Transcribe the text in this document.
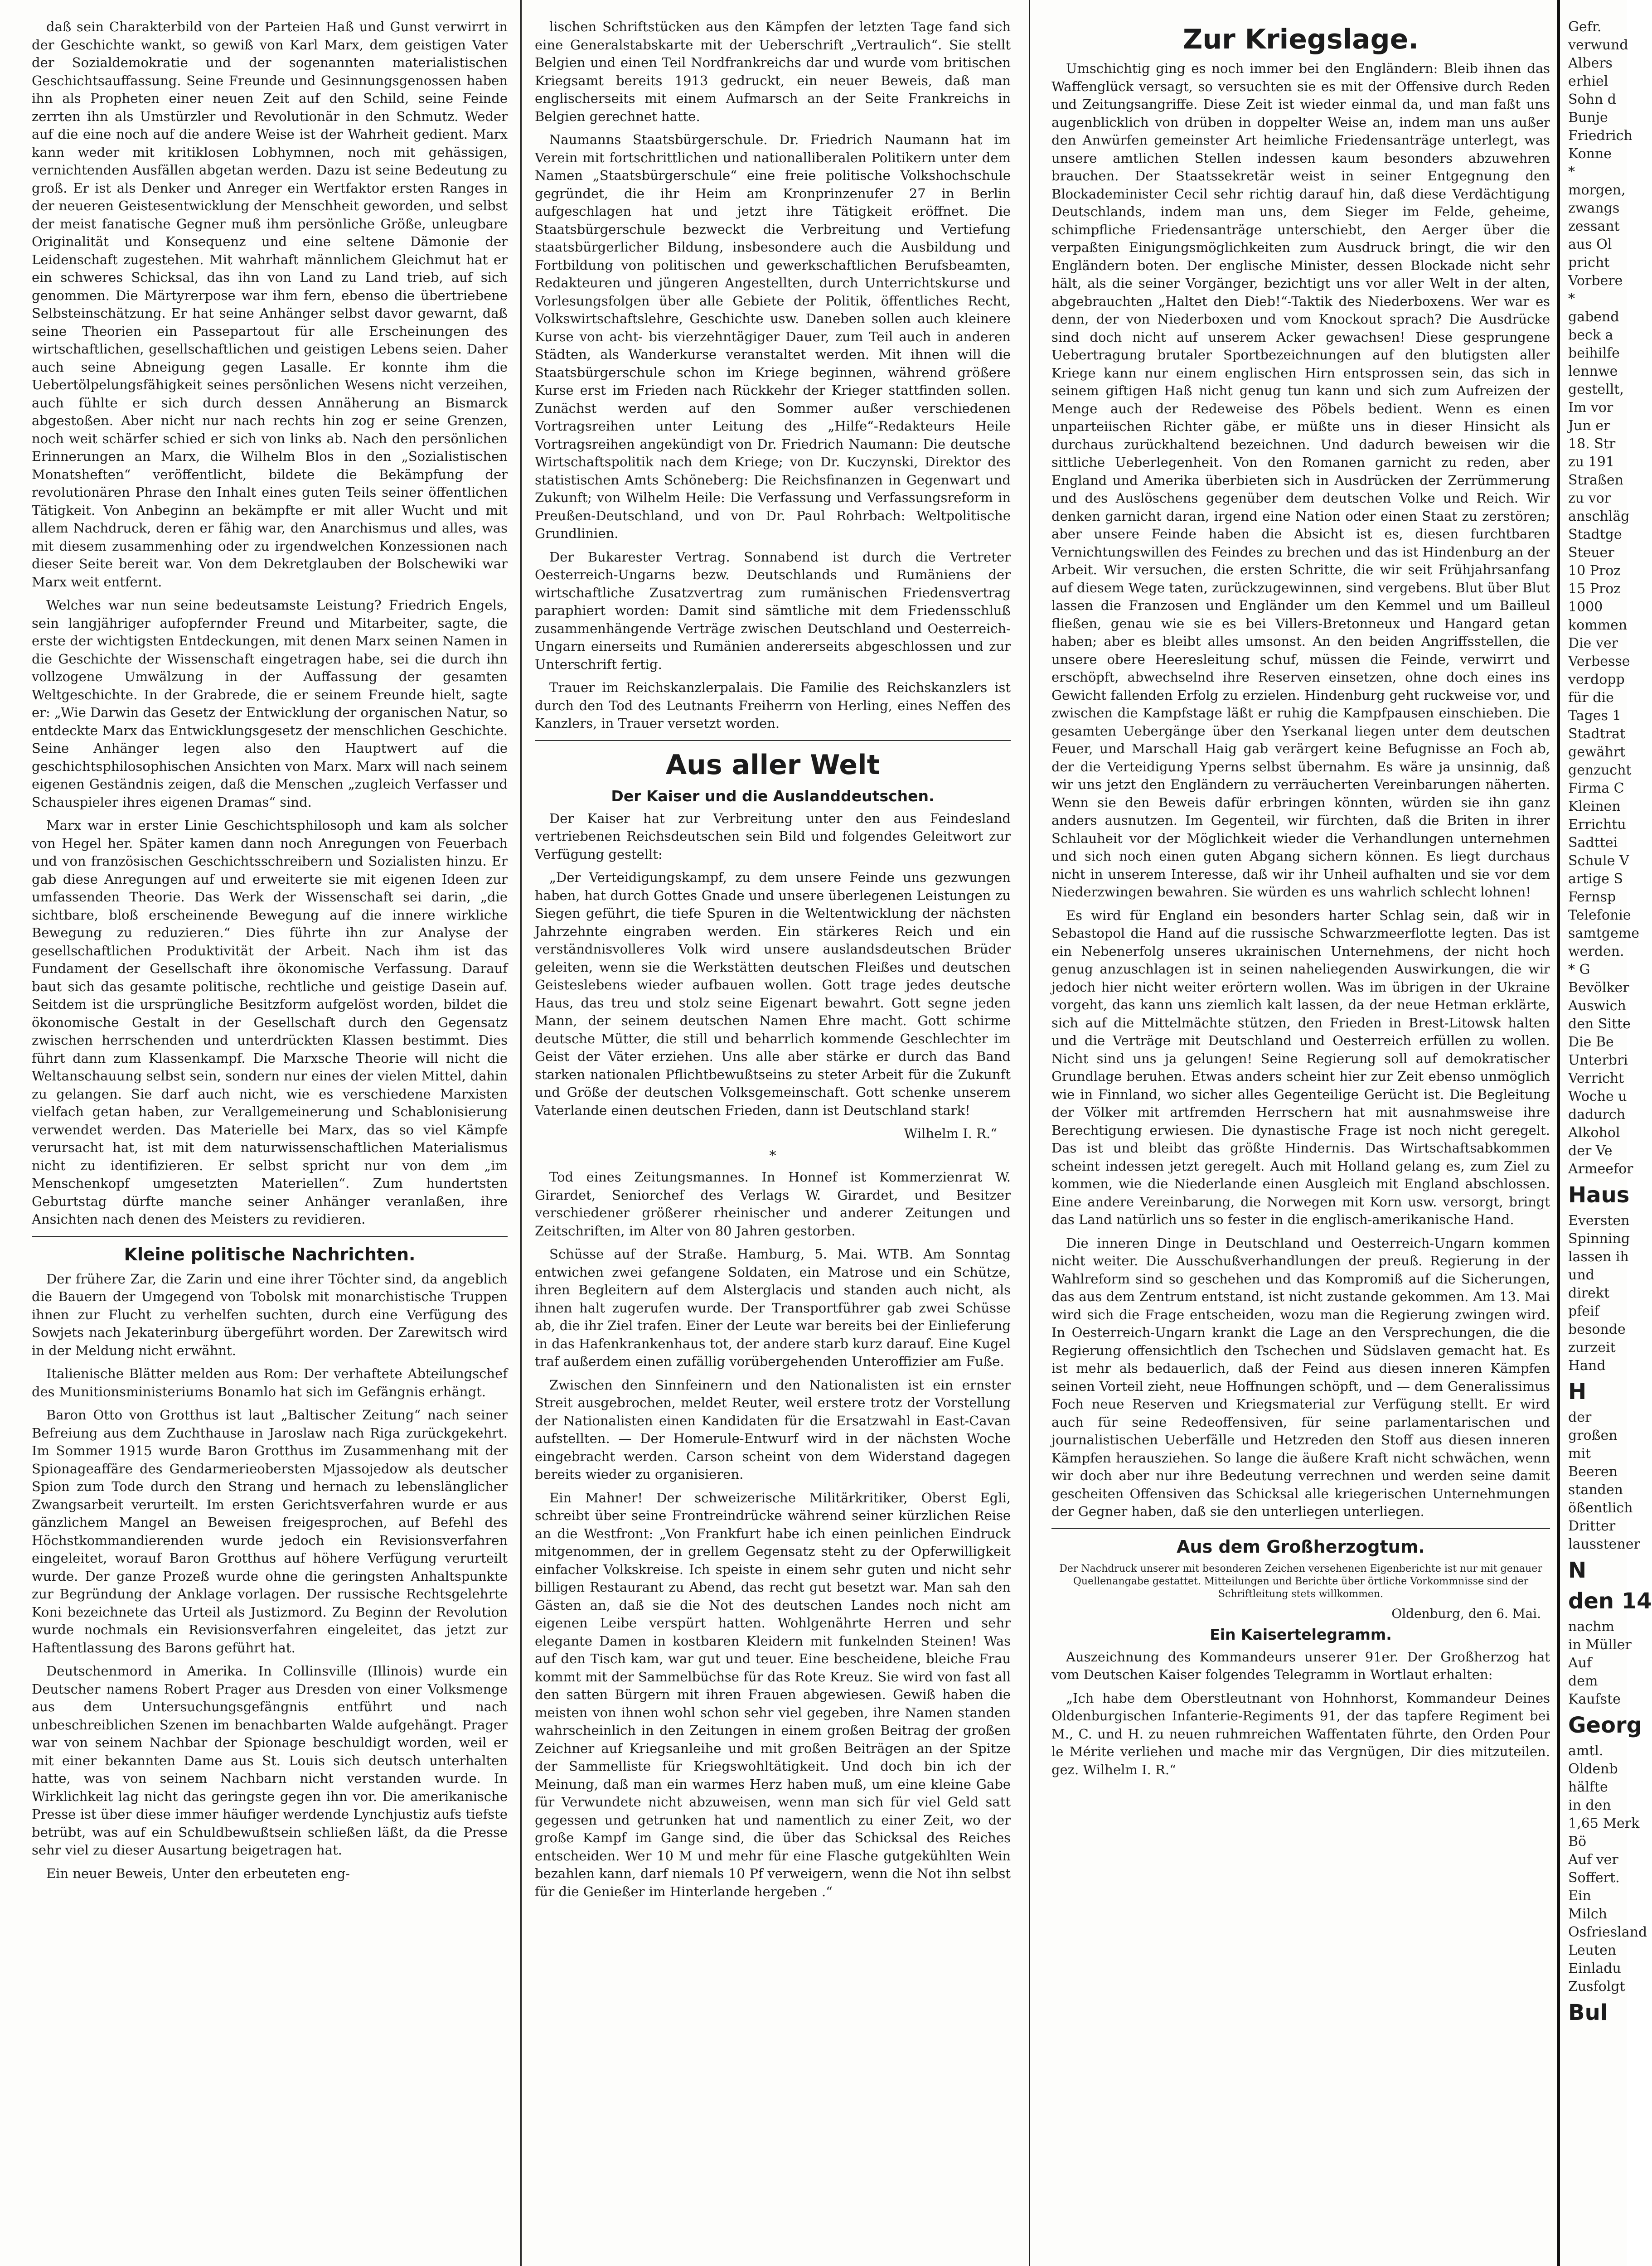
daß sein Charakterbild von der Parteien Haß und Gunst verwirrt in der Geschichte wankt, so gewiß von Karl Marx, dem geistigen Vater der Sozialdemokratie und der sogenannten materialistischen Geschichtsauffassung. Seine Freunde und Gesinnungsgenossen haben ihn als Propheten einer neuen Zeit auf den Schild, seine Feinde zerrten ihn als Umstürzler und Revolutionär in den Schmutz. Weder auf die eine noch auf die andere Weise ist der Wahrheit gedient. Marx kann weder mit kritiklosen Lobhymnen, noch mit gehässigen, vernichtenden Ausfällen abgetan werden. Dazu ist seine Bedeutung zu groß. Er ist als Denker und Anreger ein Wertfaktor ersten Ranges in der neueren Geistesentwicklung der Menschheit geworden, und selbst der meist fanatische Gegner muß ihm persönliche Größe, unleugbare Originalität und Konsequenz und eine seltene Dämonie der Leidenschaft zugestehen. Mit wahrhaft männlichem Gleichmut hat er ein schweres Schicksal, das ihn von Land zu Land trieb, auf sich genommen. Die Märtyrerpose war ihm fern, ebenso die übertriebene Selbsteinschätzung. Er hat seine Anhänger selbst davor gewarnt, daß seine Theorien ein Passepartout für alle Erscheinungen des wirtschaftlichen, gesellschaftlichen und geistigen Lebens seien. Daher auch seine Abneigung gegen Lasalle. Er konnte ihm die Uebertölpelungsfähigkeit seines persönlichen Wesens nicht verzeihen, auch fühlte er sich durch dessen Annäherung an Bismarck abgestoßen. Aber nicht nur nach rechts hin zog er seine Grenzen, noch weit schärfer schied er sich von links ab. Nach den persönlichen Erinnerungen an Marx, die Wilhelm Blos in den „Sozialistischen Monatsheften“ veröffentlicht, bildete die Bekämpfung der revolutionären Phrase den Inhalt eines guten Teils seiner öffentlichen Tätigkeit. Von Anbeginn an bekämpfte er mit aller Wucht und mit allem Nachdruck, deren er fähig war, den Anarchismus und alles, was mit diesem zusammenhing oder zu irgendwelchen Konzessionen nach dieser Seite bereit war. Von dem Dekretglauben der Bolschewiki war Marx weit entfernt.

Welches war nun seine bedeutsamste Leistung? Friedrich Engels, sein langjähriger aufopfernder Freund und Mitarbeiter, sagte, die erste der wichtigsten Entdeckungen, mit denen Marx seinen Namen in die Geschichte der Wissenschaft eingetragen habe, sei die durch ihn vollzogene Umwälzung in der Auffassung der gesamten Weltgeschichte. In der Grabrede, die er seinem Freunde hielt, sagte er: „Wie Darwin das Gesetz der Entwicklung der organischen Natur, so entdeckte Marx das Entwicklungsgesetz der menschlichen Geschichte. Seine Anhänger legen also den Hauptwert auf die geschichtsphilosophischen Ansichten von Marx. Marx will nach seinem eigenen Geständnis zeigen, daß die Menschen „zugleich Verfasser und Schauspieler ihres eigenen Dramas“ sind.

Marx war in erster Linie Geschichtsphilosoph und kam als solcher von Hegel her. Später kamen dann noch Anregungen von Feuerbach und von französischen Geschichtsschreibern und Sozialisten hinzu. Er gab diese Anregungen auf und erweiterte sie mit eigenen Ideen zur umfassenden Theorie. Das Werk der Wissenschaft sei darin, „die sichtbare, bloß erscheinende Bewegung auf die innere wirkliche Bewegung zu reduzieren.“ Dies führte ihn zur Analyse der gesellschaftlichen Produktivität der Arbeit. Nach ihm ist das Fundament der Gesellschaft ihre ökonomische Verfassung. Darauf baut sich das gesamte politische, rechtliche und geistige Dasein auf. Seitdem ist die ursprüngliche Besitzform aufgelöst worden, bildet die ökonomische Gestalt in der Gesellschaft durch den Gegensatz zwischen herrschenden und unterdrückten Klassen bestimmt. Dies führt dann zum Klassenkampf. Die Marxsche Theorie will nicht die Weltanschauung selbst sein, sondern nur eines der vielen Mittel, dahin zu gelangen. Sie darf auch nicht, wie es verschiedene Marxisten vielfach getan haben, zur Verallgemeinerung und Schablonisierung verwendet werden. Das Materielle bei Marx, das so viel Kämpfe verursacht hat, ist mit dem naturwissenschaftlichen Materialismus nicht zu identifizieren. Er selbst spricht nur von dem „im Menschenkopf umgesetzten Materiellen“. Zum hundertsten Geburtstag dürfte manche seiner Anhänger veranlaßen, ihre Ansichten nach denen des Meisters zu revidieren.

Kleine politische Nachrichten.

Der frühere Zar, die Zarin und eine ihrer Töchter sind, da angeblich die Bauern der Umgegend von Tobolsk mit monarchistische Truppen ihnen zur Flucht zu verhelfen suchten, durch eine Verfügung des Sowjets nach Jekaterinburg übergeführt worden. Der Zarewitsch wird in der Meldung nicht erwähnt.

Italienische Blätter melden aus Rom: Der verhaftete Abteilungschef des Munitionsministeriums Bonamlo hat sich im Gefängnis erhängt.

Baron Otto von Grotthus ist laut „Baltischer Zeitung“ nach seiner Befreiung aus dem Zuchthause in Jaroslaw nach Riga zurückgekehrt. Im Sommer 1915 wurde Baron Grotthus im Zusammenhang mit der Spionageaffäre des Gendarmerieobersten Mjassojedow als deutscher Spion zum Tode durch den Strang und hernach zu lebenslänglicher Zwangsarbeit verurteilt. Im ersten Gerichtsverfahren wurde er aus gänzlichem Mangel an Beweisen freigesprochen, auf Befehl des Höchstkommandierenden wurde jedoch ein Revisionsverfahren eingeleitet, worauf Baron Grotthus auf höhere Verfügung verurteilt wurde. Der ganze Prozeß wurde ohne die geringsten Anhaltspunkte zur Begründung der Anklage vorlagen. Der russische Rechtsgelehrte Koni bezeichnete das Urteil als Justizmord. Zu Beginn der Revolution wurde nochmals ein Revisionsverfahren eingeleitet, das jetzt zur Haftentlassung des Barons geführt hat.

Deutschenmord in Amerika. In Collinsville (Illinois) wurde ein Deutscher namens Robert Prager aus Dresden von einer Volksmenge aus dem Untersuchungsgefängnis entführt und nach unbeschreiblichen Szenen im benachbarten Walde aufgehängt. Prager war von seinem Nachbar der Spionage beschuldigt worden, weil er mit einer bekannten Dame aus St. Louis sich deutsch unterhalten hatte, was von seinem Nachbarn nicht verstanden wurde. In Wirklichkeit lag nicht das geringste gegen ihn vor. Die amerikanische Presse ist über diese immer häufiger werdende Lynchjustiz aufs tiefste betrübt, was auf ein Schuldbewußtsein schließen läßt, da die Presse sehr viel zu dieser Ausartung beigetragen hat.

Ein neuer Beweis, Unter den erbeuteten eng-

lischen Schriftstücken aus den Kämpfen der letzten Tage fand sich eine Generalstabskarte mit der Ueberschrift „Vertraulich“. Sie stellt Belgien und einen Teil Nordfrankreichs dar und wurde vom britischen Kriegsamt bereits 1913 gedruckt, ein neuer Beweis, daß man englischerseits mit einem Aufmarsch an der Seite Frankreichs in Belgien gerechnet hatte.

Naumanns Staatsbürgerschule. Dr. Friedrich Naumann hat im Verein mit fortschrittlichen und nationalliberalen Politikern unter dem Namen „Staatsbürgerschule“ eine freie politische Volkshochschule gegründet, die ihr Heim am Kronprinzenufer 27 in Berlin aufgeschlagen hat und jetzt ihre Tätigkeit eröffnet. Die Staatsbürgerschule bezweckt die Verbreitung und Vertiefung staatsbürgerlicher Bildung, insbesondere auch die Ausbildung und Fortbildung von politischen und gewerkschaftlichen Berufsbeamten, Redakteuren und jüngeren Angestellten, durch Unterrichtskurse und Vorlesungsfolgen über alle Gebiete der Politik, öffentliches Recht, Volkswirtschaftslehre, Geschichte usw. Daneben sollen auch kleinere Kurse von acht- bis vierzehntägiger Dauer, zum Teil auch in anderen Städten, als Wanderkurse veranstaltet werden. Mit ihnen will die Staatsbürgerschule schon im Kriege beginnen, während größere Kurse erst im Frieden nach Rückkehr der Krieger stattfinden sollen. Zunächst werden auf den Sommer außer verschiedenen Vortragsreihen unter Leitung des „Hilfe“-Redakteurs Heile Vortragsreihen angekündigt von Dr. Friedrich Naumann: Die deutsche Wirtschaftspolitik nach dem Kriege; von Dr. Kuczynski, Direktor des statistischen Amts Schöneberg: Die Reichsfinanzen in Gegenwart und Zukunft; von Wilhelm Heile: Die Verfassung und Verfassungsreform in Preußen-Deutschland, und von Dr. Paul Rohrbach: Weltpolitische Grundlinien.

Der Bukarester Vertrag. Sonnabend ist durch die Vertreter Oesterreich-Ungarns bezw. Deutschlands und Rumäniens der wirtschaftliche Zusatzvertrag zum rumänischen Friedensvertrag paraphiert worden: Damit sind sämtliche mit dem Friedensschluß zusammenhängende Verträge zwischen Deutschland und Oesterreich-Ungarn einerseits und Rumänien andererseits abgeschlossen und zur Unterschrift fertig.

Trauer im Reichskanzlerpalais. Die Familie des Reichskanzlers ist durch den Tod des Leutnants Freiherrn von Herling, eines Neffen des Kanzlers, in Trauer versetzt worden.

Aus aller Welt
Der Kaiser und die Auslanddeutschen.

Der Kaiser hat zur Verbreitung unter den aus Feindesland vertriebenen Reichsdeutschen sein Bild und folgendes Geleitwort zur Verfügung gestellt:

„Der Verteidigungskampf, zu dem unsere Feinde uns gezwungen haben, hat durch Gottes Gnade und unsere überlegenen Leistungen zu Siegen geführt, die tiefe Spuren in die Weltentwicklung der nächsten Jahrzehnte eingraben werden. Ein stärkeres Reich und ein verständnisvolleres Volk wird unsere auslandsdeutschen Brüder geleiten, wenn sie die Werkstätten deutschen Fleißes und deutschen Geisteslebens wieder aufbauen wollen. Gott trage jedes deutsche Haus, das treu und stolz seine Eigenart bewahrt. Gott segne jeden Mann, der seinem deutschen Namen Ehre macht. Gott schirme deutsche Mütter, die still und beharrlich kommende Geschlechter im Geist der Väter erziehen. Uns alle aber stärke er durch das Band starken nationalen Pflichtbewußtseins zu steter Arbeit für die Zukunft und Größe der deutschen Volksgemeinschaft. Gott schenke unserem Vaterlande einen deutschen Frieden, dann ist Deutschland stark!

Wilhelm I. R.“
*

Tod eines Zeitungsmannes. In Honnef ist Kommerzienrat W. Girardet, Seniorchef des Verlags W. Girardet, und Besitzer verschiedener größerer rheinischer und anderer Zeitungen und Zeitschriften, im Alter von 80 Jahren gestorben.

Schüsse auf der Straße. Hamburg, 5. Mai. WTB. Am Sonntag entwichen zwei gefangene Soldaten, ein Matrose und ein Schütze, ihren Begleitern auf dem Alsterglacis und standen auch nicht, als ihnen halt zugerufen wurde. Der Transportführer gab zwei Schüsse ab, die ihr Ziel trafen. Einer der Leute war bereits bei der Einlieferung in das Hafenkrankenhaus tot, der andere starb kurz darauf. Eine Kugel traf außerdem einen zufällig vorübergehenden Unteroffizier am Fuße.

Zwischen den Sinnfeinern und den Nationalisten ist ein ernster Streit ausgebrochen, meldet Reuter, weil erstere trotz der Vorstellung der Nationalisten einen Kandidaten für die Ersatzwahl in East-Cavan aufstellten. — Der Homerule-Entwurf wird in der nächsten Woche eingebracht werden. Carson scheint von dem Widerstand dagegen bereits wieder zu organisieren.

Ein Mahner! Der schweizerische Militärkritiker, Oberst Egli, schreibt über seine Frontreindrücke während seiner kürzlichen Reise an die Westfront: „Von Frankfurt habe ich einen peinlichen Eindruck mitgenommen, der in grellem Gegensatz steht zu der Opferwilligkeit einfacher Volkskreise. Ich speiste in einem sehr guten und nicht sehr billigen Restaurant zu Abend, das recht gut besetzt war. Man sah den Gästen an, daß sie die Not des deutschen Landes noch nicht am eigenen Leibe verspürt hatten. Wohlgenährte Herren und sehr elegante Damen in kostbaren Kleidern mit funkelnden Steinen! Was auf den Tisch kam, war gut und teuer. Eine bescheidene, bleiche Frau kommt mit der Sammelbüchse für das Rote Kreuz. Sie wird von fast all den satten Bürgern mit ihren Frauen abgewiesen. Gewiß haben die meisten von ihnen wohl schon sehr viel gegeben, ihre Namen standen wahrscheinlich in den Zeitungen in einem großen Beitrag der großen Zeichner auf Kriegsanleihe und mit großen Beiträgen an der Spitze der Sammelliste für Kriegswohltätigkeit. Und doch bin ich der Meinung, daß man ein warmes Herz haben muß, um eine kleine Gabe für Verwundete nicht abzuweisen, wenn man sich für viel Geld satt gegessen und getrunken hat und namentlich zu einer Zeit, wo der große Kampf im Gange sind, die über das Schicksal des Reiches entscheiden. Wer 10 M und mehr für eine Flasche gutgekühlten Wein bezahlen kann, darf niemals 10 Pf verweigern, wenn die Not ihn selbst für die Genießer im Hinterlande hergeben .“

Zur Kriegslage.

Umschichtig ging es noch immer bei den Engländern: Bleib ihnen das Waffenglück versagt, so versuchten sie es mit der Offensive durch Reden und Zeitungsangriffe. Diese Zeit ist wieder einmal da, und man faßt uns augenblicklich von drüben in doppelter Weise an, indem man uns außer den Anwürfen gemeinster Art heimliche Friedensanträge unterlegt, was unsere amtlichen Stellen indessen kaum besonders abzuwehren brauchen. Der Staatssekretär weist in seiner Entgegnung den Blockademinister Cecil sehr richtig darauf hin, daß diese Verdächtigung Deutschlands, indem man uns, dem Sieger im Felde, geheime, schimpfliche Friedensanträge unterschiebt, den Aerger über die verpaßten Einigungsmöglichkeiten zum Ausdruck bringt, die wir den Engländern boten. Der englische Minister, dessen Blockade nicht sehr hält, als die seiner Vorgänger, bezichtigt uns vor aller Welt in der alten, abgebrauchten „Haltet den Dieb!“-Taktik des Niederboxens. Wer war es denn, der von Niederboxen und vom Knockout sprach? Die Ausdrücke sind doch nicht auf unserem Acker gewachsen! Diese gesprungene Uebertragung brutaler Sportbezeichnungen auf den blutigsten aller Kriege kann nur einem englischen Hirn entsprossen sein, das sich in seinem giftigen Haß nicht genug tun kann und sich zum Aufreizen der Menge auch der Redeweise des Pöbels bedient. Wenn es einen unparteiischen Richter gäbe, er müßte uns in dieser Hinsicht als durchaus zurückhaltend bezeichnen. Und dadurch beweisen wir die sittliche Ueberlegenheit. Von den Romanen garnicht zu reden, aber England und Amerika überbieten sich in Ausdrücken der Zerrümmerung und des Auslöschens gegenüber dem deutschen Volke und Reich. Wir denken garnicht daran, irgend eine Nation oder einen Staat zu zerstören; aber unsere Feinde haben die Absicht ist es, diesen furchtbaren Vernichtungswillen des Feindes zu brechen und das ist Hindenburg an der Arbeit. Wir versuchen, die ersten Schritte, die wir seit Frühjahrsanfang auf diesem Wege taten, zurückzugewinnen, sind vergebens. Blut über Blut lassen die Franzosen und Engländer um den Kemmel und um Bailleul fließen, genau wie sie es bei Villers-Bretonneux und Hangard getan haben; aber es bleibt alles umsonst. An den beiden Angriffsstellen, die unsere obere Heeresleitung schuf, müssen die Feinde, verwirrt und erschöpft, abwechselnd ihre Reserven einsetzen, ohne doch eines ins Gewicht fallenden Erfolg zu erzielen. Hindenburg geht ruckweise vor, und zwischen die Kampfstage läßt er ruhig die Kampfpausen einschieben. Die gesamten Uebergänge über den Yserkanal liegen unter dem deutschen Feuer, und Marschall Haig gab verärgert keine Befugnisse an Foch ab, der die Verteidigung Yperns selbst übernahm. Es wäre ja unsinnig, daß wir uns jetzt den Engländern zu verräucherten Vereinbarungen näherten. Wenn sie den Beweis dafür erbringen könnten, würden sie ihn ganz anders ausnutzen. Im Gegenteil, wir fürchten, daß die Briten in ihrer Schlauheit vor der Möglichkeit wieder die Verhandlungen unternehmen und sich noch einen guten Abgang sichern können. Es liegt durchaus nicht in unserem Interesse, daß wir ihr Unheil aufhalten und sie vor dem Niederzwingen bewahren. Sie würden es uns wahrlich schlecht lohnen!

Es wird für England ein besonders harter Schlag sein, daß wir in Sebastopol die Hand auf die russische Schwarzmeerflotte legten. Das ist ein Nebenerfolg unseres ukrainischen Unternehmens, der nicht hoch genug anzuschlagen ist in seinen naheliegenden Auswirkungen, die wir jedoch hier nicht weiter erörtern wollen. Was im übrigen in der Ukraine vorgeht, das kann uns ziemlich kalt lassen, da der neue Hetman erklärte, sich auf die Mittelmächte stützen, den Frieden in Brest-Litowsk halten und die Verträge mit Deutschland und Oesterreich erfüllen zu wollen. Nicht sind uns ja gelungen! Seine Regierung soll auf demokratischer Grundlage beruhen. Etwas anders scheint hier zur Zeit ebenso unmöglich wie in Finnland, wo sicher alles Gegenteilige Gerücht ist. Die Begleitung der Völker mit artfremden Herrschern hat mit ausnahmsweise ihre Berechtigung erwiesen. Die dynastische Frage ist noch nicht geregelt. Das ist und bleibt das größte Hindernis. Das Wirtschaftsabkommen scheint indessen jetzt geregelt. Auch mit Holland gelang es, zum Ziel zu kommen, wie die Niederlande einen Ausgleich mit England abschlossen. Eine andere Vereinbarung, die Norwegen mit Korn usw. versorgt, bringt das Land natürlich uns so fester in die englisch-amerikanische Hand.

Die inneren Dinge in Deutschland und Oesterreich-Ungarn kommen nicht weiter. Die Ausschußverhandlungen der preuß. Regierung in der Wahlreform sind so geschehen und das Kompromiß auf die Sicherungen, das aus dem Zentrum entstand, ist nicht zustande gekommen. Am 13. Mai wird sich die Frage entscheiden, wozu man die Regierung zwingen wird. In Oesterreich-Ungarn krankt die Lage an den Versprechungen, die die Regierung offensichtlich den Tschechen und Südslaven gemacht hat. Es ist mehr als bedauerlich, daß der Feind aus diesen inneren Kämpfen seinen Vorteil zieht, neue Hoffnungen schöpft, und — dem Generalissimus Foch neue Reserven und Kriegsmaterial zur Verfügung stellt. Er wird auch für seine Redeoffensiven, für seine parlamentarischen und journalistischen Ueberfälle und Hetzreden den Stoff aus diesen inneren Kämpfen herausziehen. So lange die äußere Kraft nicht schwächen, wenn wir doch aber nur ihre Bedeutung verrechnen und werden seine damit gescheiten Offensiven das Schicksal alle kriegerischen Unternehmungen der Gegner haben, daß sie den unterliegen unterliegen.

Aus dem Großherzogtum.

Der Nachdruck unserer mit besonderen Zeichen versehenen Eigenberichte ist nur mit genauer Quellenangabe gestattet. Mitteilungen und Berichte über örtliche Vorkommnisse sind der Schriftleitung stets willkommen.

Oldenburg, den 6. Mai.
Ein Kaisertelegramm.

Auszeichnung des Kommandeurs unserer 91er. Der Großherzog hat vom Deutschen Kaiser folgendes Telegramm in Wortlaut erhalten:

„Ich habe dem Oberstleutnant von Hohnhorst, Kommandeur Deines Oldenburgischen Infanterie-Regiments 91, der das tapfere Regiment bei M., C. und H. zu neuen ruhmreichen Waffentaten führte, den Orden Pour le Mérite verliehen und mache mir das Vergnügen, Dir dies mitzuteilen. gez. Wilhelm I. R.“

Gefr.
verwund
Albers
erhiel
Sohn d
Bunje
Friedrich
Konne
*
morgen,
zwangs
zessant
aus Ol
pricht
Vorbere
*
gabend
beck a
beihilfe
lennwe
gestellt,
Im vor
Jun er
18. Str
zu 191
Straßen
zu vor
anschläg
Stadtge
Steuer
10 Proz
15 Proz
1000
kommen
Die ver
Verbesse
verdopp
für die
Tages 1
Stadtrat
gewährt
genzucht
Firma C
Kleinen
Errichtu
Sadttei
Schule V
artige S
Fernsp
Telefonie
samtgeme
werden.
* G
Bevölker
Auswich
den Sitte
Die Be
Unterbri
Verricht
Woche u
dadurch
Alkohol
der Ve
Armeefor
Haus
Eversten
Spinning
lassen ih
und
direkt
pfeif
besonde
zurzeit
Hand
H
der
großen
mit
Beeren
standen
ößentlich
Dritter
lausstener
N
den 14
nachm
in Müller
Auf
dem
Kaufste
Georg
amtl.
Oldenb
hälfte
in den
1,65 Merk
Bö
Auf ver
Soffert.
Ein
Milch
Osfriesland
Leuten
Einladu
Zusfolgt
Bul
